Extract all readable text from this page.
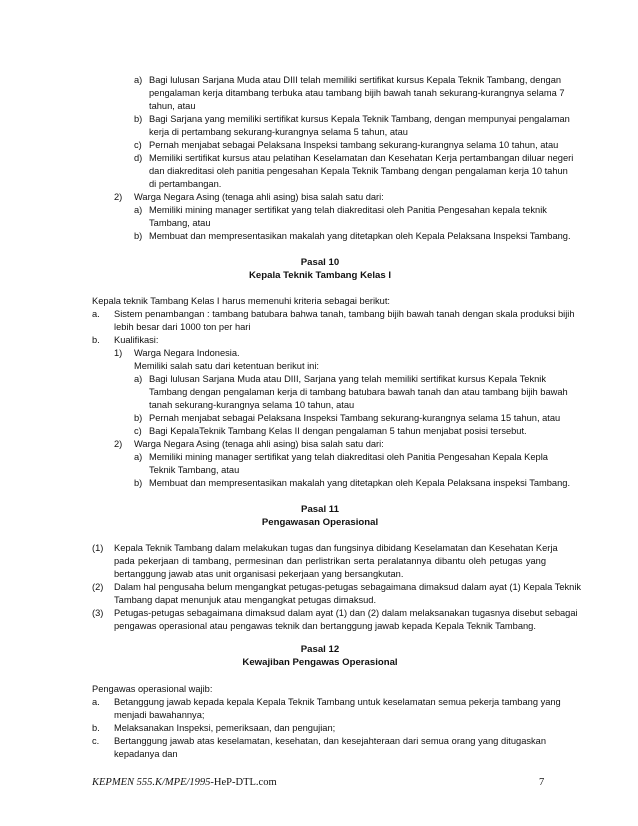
a) Bagi lulusan Sarjana Muda atau DIII telah memiliki sertifikat kursus Kepala Teknik Tambang, dengan
pengalaman kerja ditambang terbuka atau tambang bijih bawah tanah sekurang-kurangnya selama 7
tahun, atau
b) Bagi Sarjana yang memiliki sertifikat kursus Kepala Teknik Tambang, dengan mempunyai pengalaman
kerja di pertambang sekurang-kurangnya selama 5 tahun, atau
c) Pernah menjabat sebagai Pelaksana Inspeksi tambang sekurang-kurangnya selama 10 tahun, atau
d) Memiliki sertifikat kursus atau pelatihan Keselamatan dan Kesehatan Kerja pertambangan diluar negeri
dan diakreditasi oleh panitia pengesahan Kepala Teknik Tambang dengan pengalaman kerja 10 tahun
di pertambangan.
2) Warga Negara Asing (tenaga ahli asing) bisa salah satu dari:
a) Memiliki mining manager sertifikat yang telah diakreditasi oleh Panitia Pengesahan kepala teknik
Tambang, atau
b) Membuat dan mempresentasikan makalah yang ditetapkan oleh Kepala Pelaksana Inspeksi Tambang.
Pasal 10
Kepala Teknik Tambang Kelas I
Kepala teknik Tambang Kelas I harus memenuhi kriteria sebagai berikut:
a. Sistem penambangan : tambang batubara bahwa tanah, tambang bijih bawah tanah dengan skala produksi bijih
lebih besar dari 1000 ton per hari
b. Kualifikasi:
1) Warga Negara Indonesia.
Memiliki salah satu dari ketentuan berikut ini:
a) Bagi lulusan Sarjana Muda atau DIII, Sarjana yang telah memiliki sertifikat kursus Kepala Teknik
Tambang dengan pengalaman kerja di tambang batubara bawah tanah dan atau tambang bijih bawah
tanah sekurang-kurangnya selama 10 tahun, atau
b) Pernah menjabat sebagai Pelaksana Inspeksi Tambang sekurang-kurangnya selama 15 tahun, atau
c) Bagi KepalaTeknik Tambang Kelas II dengan pengalaman 5 tahun menjabat posisi tersebut.
2) Warga Negara Asing (tenaga ahli asing) bisa salah satu dari:
a) Memiliki mining manager sertifikat yang telah diakreditasi oleh Panitia Pengesahan Kepala Kepla
Teknik Tambang, atau
b) Membuat dan mempresentasikan makalah yang ditetapkan oleh Kepala Pelaksana inspeksi Tambang.
Pasal 11
Pengawasan Operasional
(1) Kepala Teknik Tambang dalam melakukan tugas dan fungsinya dibidang Keselamatan dan Kesehatan Kerja
pada pekerjaan di tambang, permesinan dan perlistrikan serta peralatannya dibantu oleh petugas yang
bertanggung jawab atas unit organisasi pekerjaan yang bersangkutan.
(2) Dalam hal pengusaha belum mengangkat petugas-petugas sebagaimana dimaksud dalam ayat (1) Kepala Teknik
Tambang dapat menunjuk atau mengangkat petugas dimaksud.
(3) Petugas-petugas sebagaimana dimaksud dalam ayat (1) dan (2) dalam melaksanakan tugasnya disebut sebagai
pengawas operasional atau pengawas teknik dan bertanggung jawab kepada Kepala Teknik Tambang.
Pasal 12
Kewajiban Pengawas Operasional
Pengawas operasional wajib:
a. Betanggung jawab kepada kepala Kepala Teknik Tambang untuk keselamatan semua pekerja tambang yang
menjadi bawahannya;
b. Melaksanakan Inspeksi, pemeriksaan, dan pengujian;
c. Bertanggung jawab atas keselamatan, kesehatan, dan kesejahteraan dari semua orang yang ditugaskan
kepadanya dan
KEPMEN 555.K/MPE/1995-HeP-DTL.com	7
